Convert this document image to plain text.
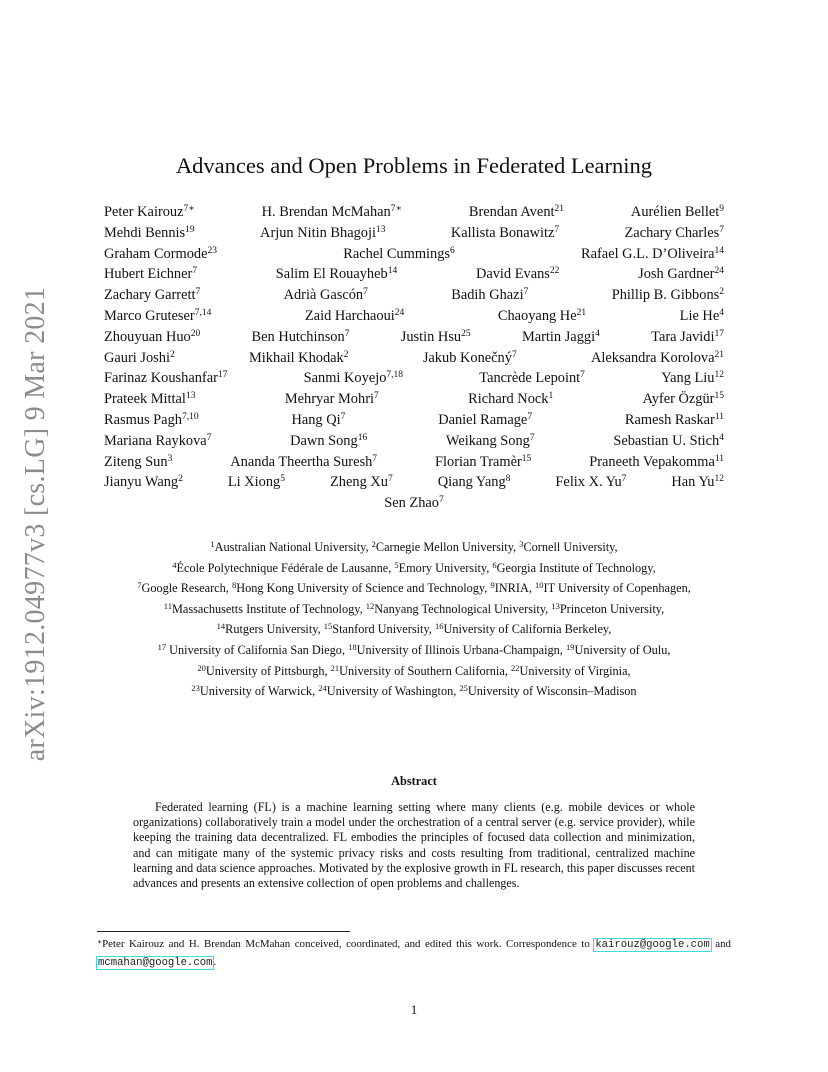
arXiv:1912.04977v3 [cs.LG] 9 Mar 2021
Advances and Open Problems in Federated Learning
Peter Kairouz$^{7∗}$	H. Brendan McMahan$^{7∗}$	Brendan Avent$^{21}$	Aurélien Bellet$^9$
Mehdi Bennis$^{19}$	Arjun Nitin Bhagoji$^{13}$	Kallista Bonawitz$^7$	Zachary Charles$^7$
Graham Cormode$^{23}$	Rachel Cummings$^6$	Rafael G.L. D’Oliveira$^{14}$
Hubert Eichner$^7$	Salim El Rouayheb$^{14}$	David Evans$^{22}$	Josh Gardner$^{24}$
Zachary Garrett$^7$	Adrià Gascón$^7$	Badih Ghazi$^7$	Phillip B. Gibbons$^2$
Marco Gruteser$^{7,14}$	Zaid Harchaoui$^{24}$	Chaoyang He$^{21}$	Lie He$^4$
Zhouyuan Huo$^{20}$	Ben Hutchinson$^7$	Justin Hsu$^{25}$	Martin Jaggi$^4$	Tara Javidi$^{17}$
Gauri Joshi$^2$	Mikhail Khodak$^2$	Jakub Konečný$^7$	Aleksandra Korolova$^{21}$
Farinaz Koushanfar$^{17}$	Sanmi Koyejo$^{7,18}$	Tancrède Lepoint$^7$	Yang Liu$^{12}$
Prateek Mittal$^{13}$	Mehryar Mohri$^7$	Richard Nock$^1$	Ayfer Özgür$^{15}$
Rasmus Pagh$^{7,10}$	Hang Qi$^7$	Daniel Ramage$^7$	Ramesh Raskar$^{11}$
Mariana Raykova$^7$	Dawn Song$^{16}$	Weikang Song$^7$	Sebastian U. Stich$^4$
Ziteng Sun$^3$	Ananda Theertha Suresh$^7$	Florian Tramèr$^{15}$	Praneeth Vepakomma$^{11}$
Jianyu Wang$^2$	Li Xiong$^5$	Zheng Xu$^7$	Qiang Yang$^8$	Felix X. Yu$^7$	Han Yu$^{12}$
Sen Zhao$^7$
$^1$Australian National University, $^2$Carnegie Mellon University, $^3$Cornell University,
$^4$École Polytechnique Fédérale de Lausanne, $^5$Emory University, $^6$Georgia Institute of Technology,
$^7$Google Research, $^8$Hong Kong University of Science and Technology, $^9$INRIA, $^{10}$IT University of Copenhagen,
$^{11}$Massachusetts Institute of Technology, $^{12}$Nanyang Technological University, $^{13}$Princeton University,
$^{14}$Rutgers University, $^{15}$Stanford University, $^{16}$University of California Berkeley,
$^{17}$ University of California San Diego, $^{18}$University of Illinois Urbana-Champaign, $^{19}$University of Oulu,
$^{20}$University of Pittsburgh, $^{21}$University of Southern California, $^{22}$University of Virginia,
$^{23}$University of Warwick, $^{24}$University of Washington, $^{25}$University of Wisconsin–Madison
Abstract

Federated learning (FL) is a machine learning setting where many clients (e.g. mobile devices or whole organizations) collaboratively train a model under the orchestration of a central server (e.g. service provider), while keeping the training data decentralized. FL embodies the principles of focused data collection and minimization, and can mitigate many of the systemic privacy risks and costs resulting from traditional, centralized machine learning and data science approaches. Motivated by the explosive growth in FL research, this paper discusses recent advances and presents an extensive collection of open problems and challenges.

∗Peter Kairouz and H. Brendan McMahan conceived, coordinated, and edited this work. Correspondence to kairouz@google.com and mcmahan@google.com.

1
